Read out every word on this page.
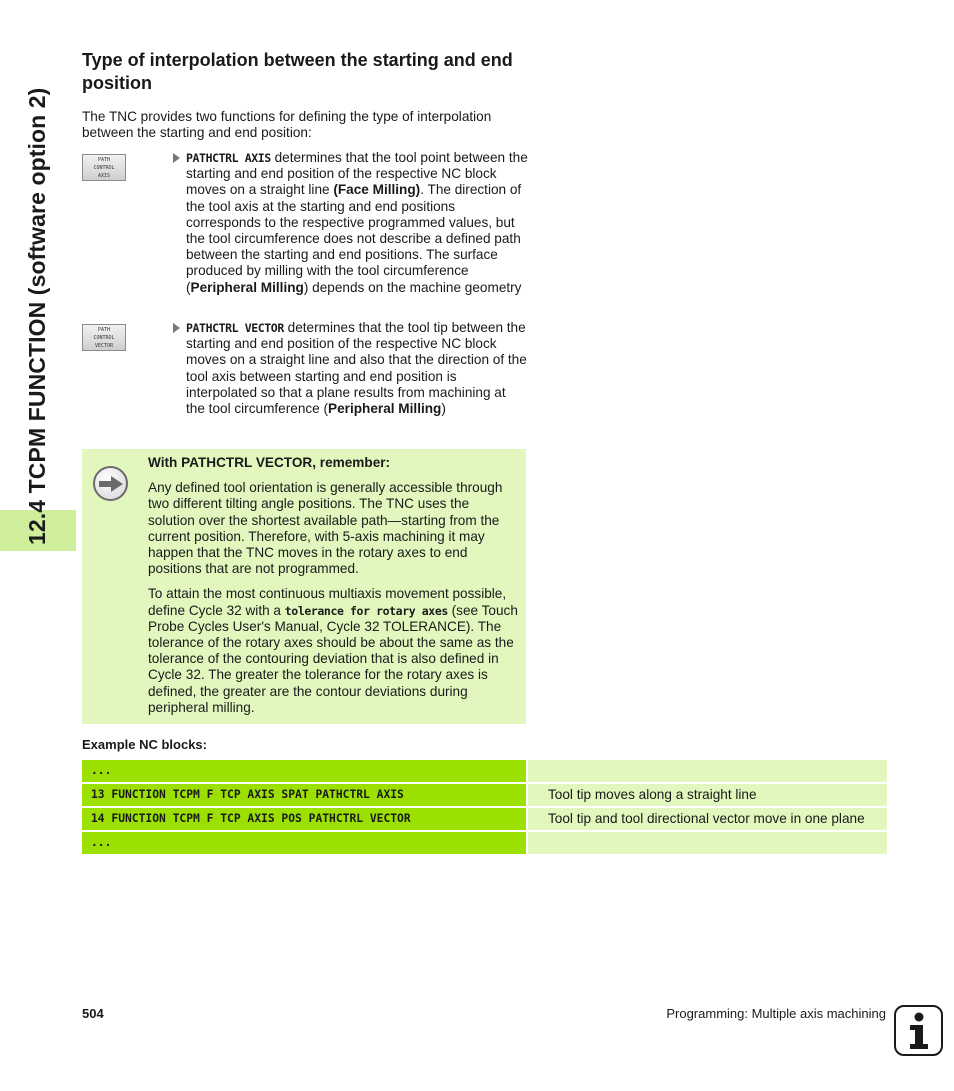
12.4 TCPM FUNCTION (software option 2)
Type of interpolation between the starting and end position

The TNC provides two functions for defining the type of interpolation between the starting and end position:

PATH
CONTROL
AXIS
PATHCTRL AXIS determines that the tool point between the starting and end position of the respective NC block moves on a straight line (Face Milling). The direction of the tool axis at the starting and end positions corresponds to the respective programmed values, but the tool circumference does not describe a defined path between the starting and end positions. The surface produced by milling with the tool circumference (Peripheral Milling) depends on the machine geometry
PATH
CONTROL
VECTOR
PATHCTRL VECTOR determines that the tool tip between the starting and end position of the respective NC block moves on a straight line and also that the direction of the tool axis between starting and end position is interpolated so that a plane results from machining at the tool circumference (Peripheral Milling)

With PATHCTRL VECTOR, remember:

Any defined tool orientation is generally accessible through two different tilting angle positions. The TNC uses the solution over the shortest available path—starting from the current position. Therefore, with 5-axis machining it may happen that the TNC moves in the rotary axes to end positions that are not programmed.

To attain the most continuous multiaxis movement possible, define Cycle 32 with a tolerance for rotary axes (see Touch Probe Cycles User's Manual, Cycle 32 TOLERANCE). The tolerance of the rotary axes should be about the same as the tolerance of the contouring deviation that is also defined in Cycle 32. The greater the tolerance for the rotary axes is defined, the greater are the contour deviations during peripheral milling.

Example NC blocks:
...
13 FUNCTION TCPM F TCP AXIS SPAT PATHCTRL AXIS	Tool tip moves along a straight line
14 FUNCTION TCPM F TCP AXIS POS PATHCTRL VECTOR	Tool tip and tool directional vector move in one plane
...
504	Programming: Multiple axis machining
